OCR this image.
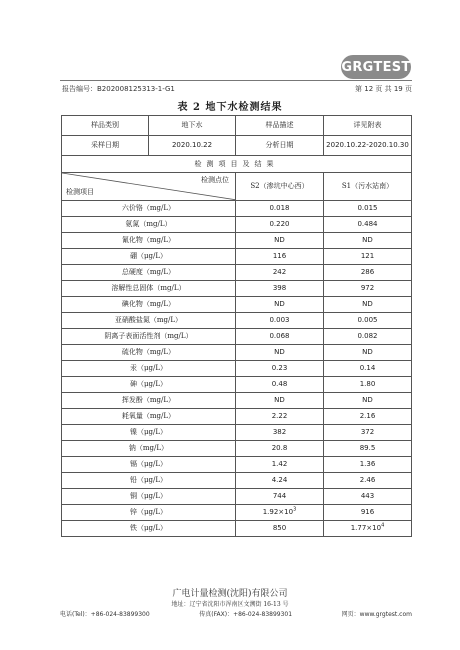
GRGTEST
报告编号：B202008125313-1-G1	第 12 页 共 19 页
表 2 地下水检测结果
样品类别	地下水	样品描述	详见附表
采样日期	2020.10.22	分析日期	2020.10.22-2020.10.30
检测项目及结果			

检测点位
检测项目		S2（渗坑中心西）	S1（污水站南）
六价铬（mg/L）		0.018	0.015
氨氮（mg/L）		0.220	0.484
氰化物（mg/L）		ND	ND
硼（μg/L）		116	121
总硬度（mg/L）		242	286
溶解性总固体（mg/L）		398	972
碘化物（mg/L）		ND	ND
亚硝酸盐氮（mg/L）		0.003	0.005
阴离子表面活性剂（mg/L）		0.068	0.082
硫化物（mg/L）		ND	ND
汞（μg/L）		0.23	0.14
砷（μg/L）		0.48	1.80
挥发酚（mg/L）		ND	ND
耗氧量（mg/L）		2.22	2.16
镍（μg/L）		382	372
钠（mg/L）		20.8	89.5
镉（μg/L）		1.42	1.36
铅（μg/L）		4.24	2.46
铜（μg/L）		744	443
锌（μg/L）		$1.92\times 10^3$	916
铁（μg/L）		850	$1.77\times 10^4$
广电计量检测(沈阳)有限公司
地址：辽宁省沈阳市浑南区文溯街 16-13 号
电话(Tel)：+86-024-83899300	传真(FAX)：+86-024-83899301	网页：www.grgtest.com
